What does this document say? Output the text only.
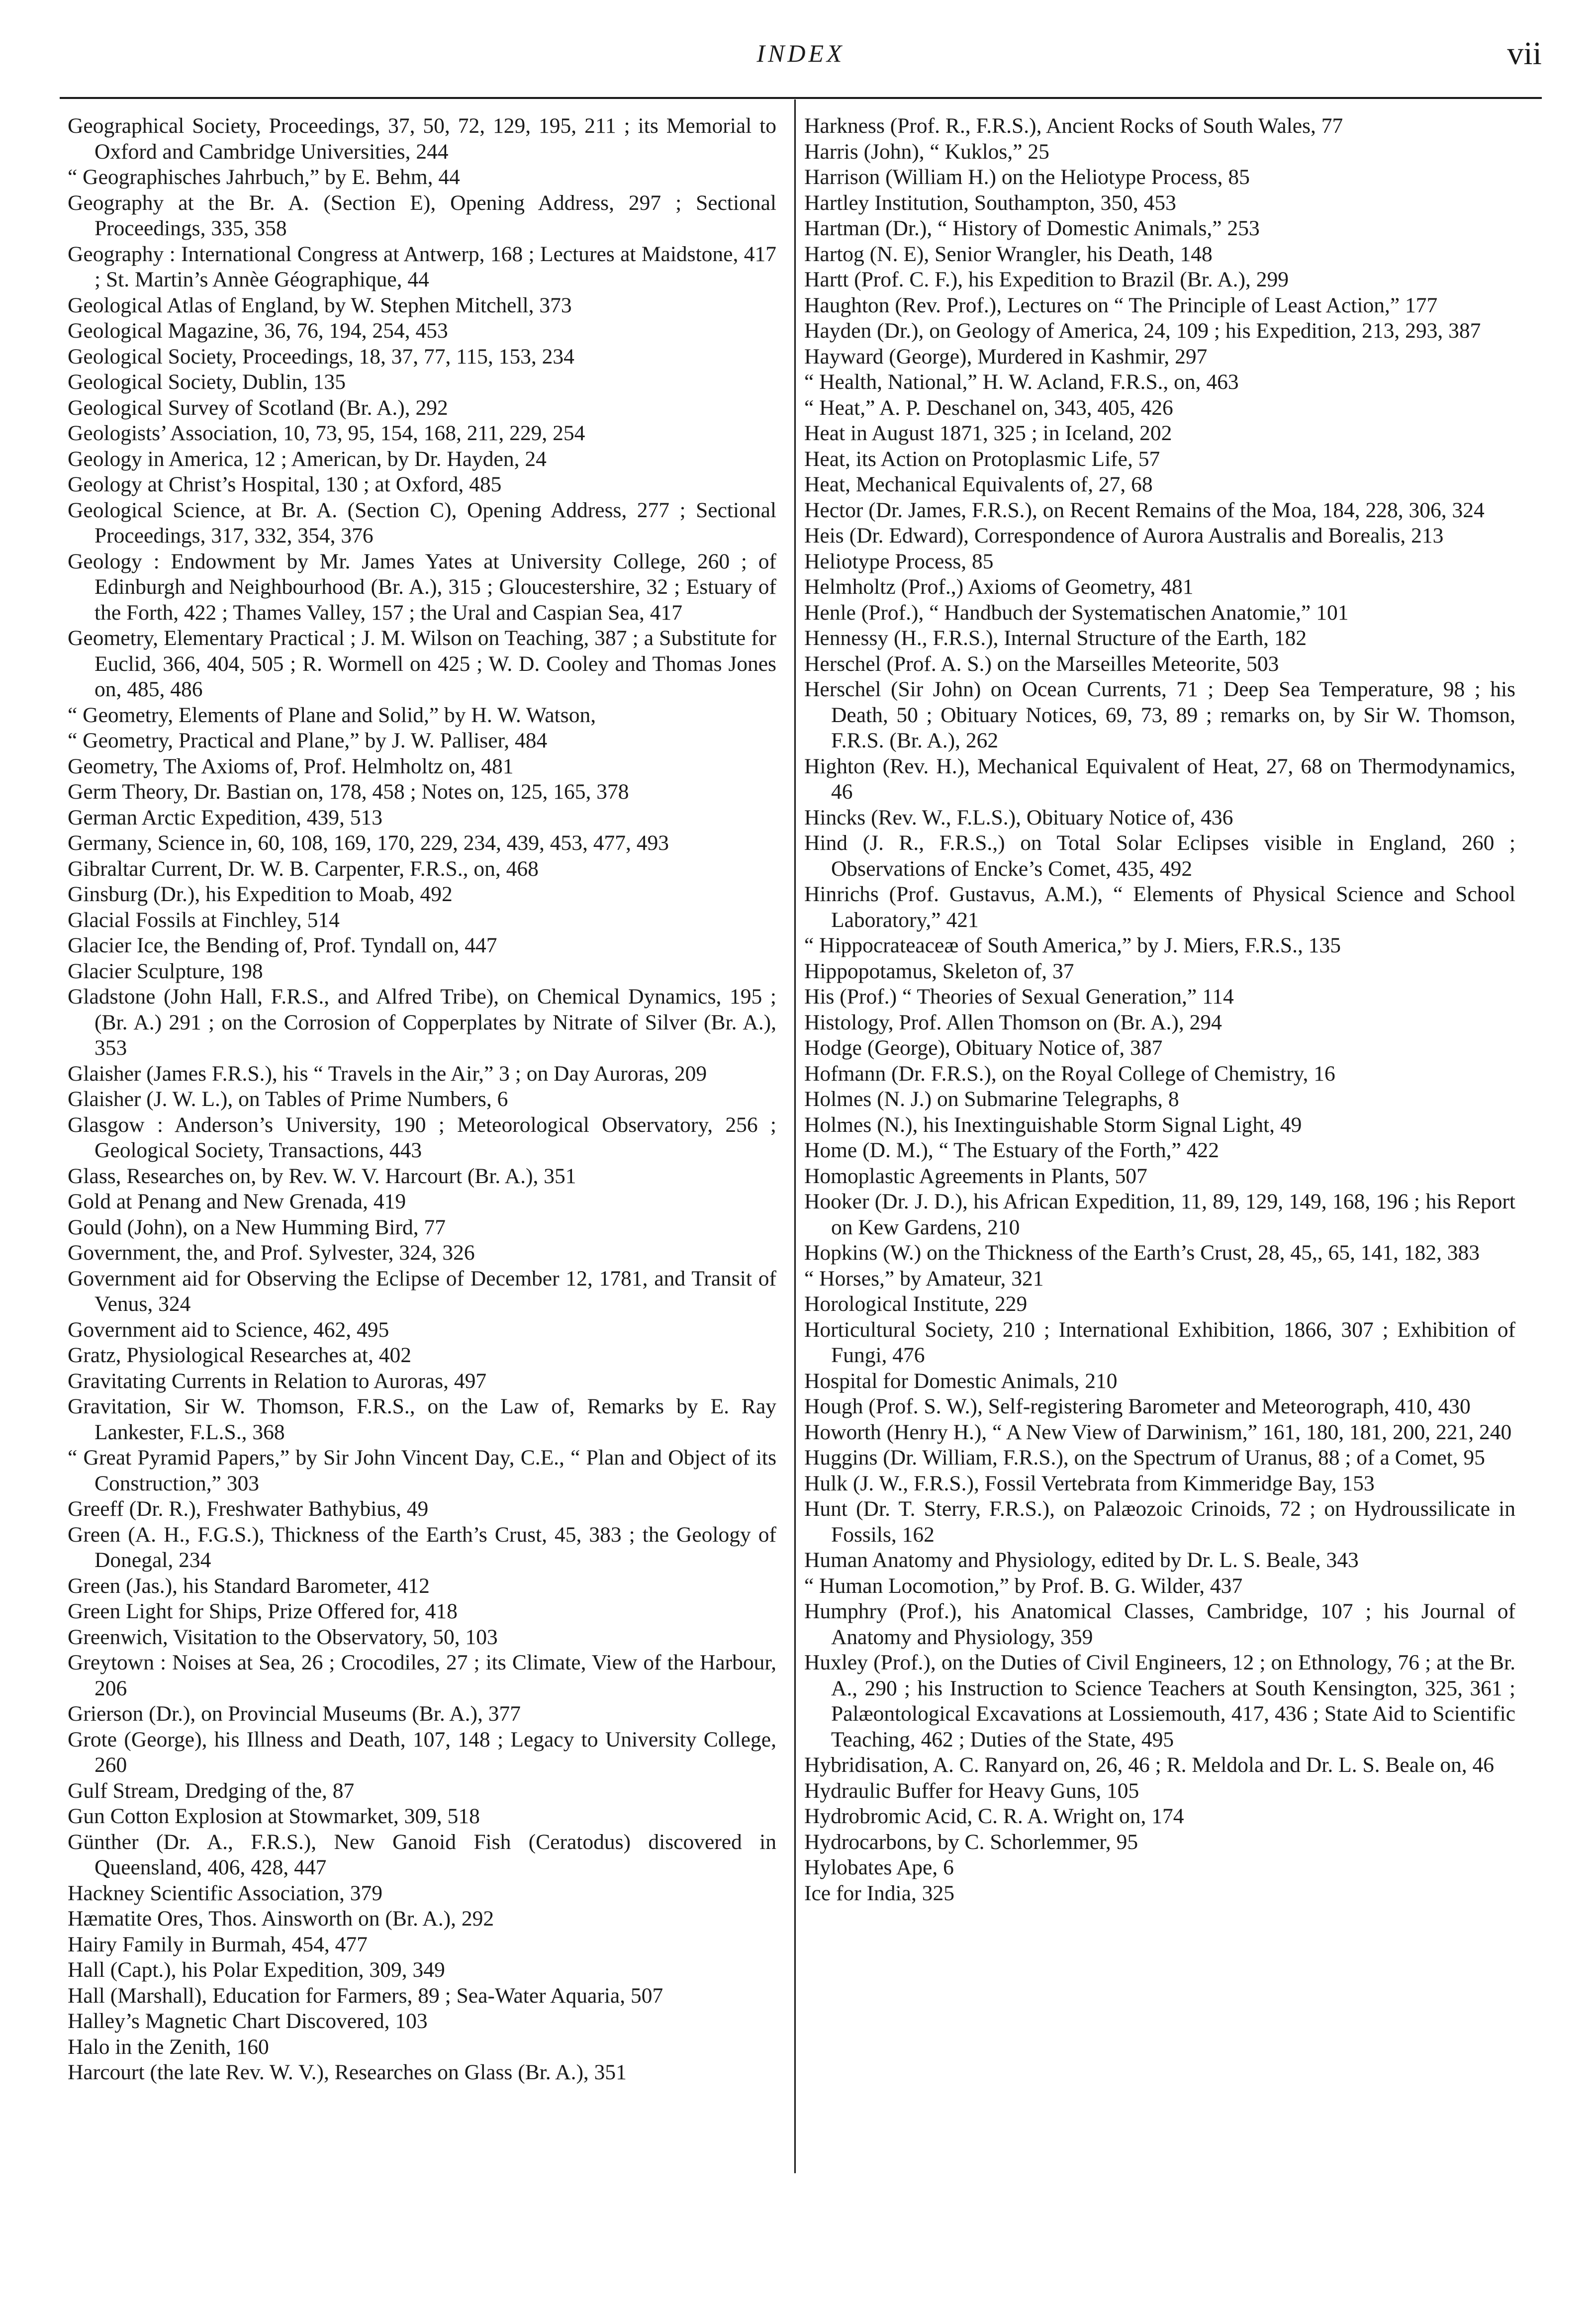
INDEX	vii

Geographical Society, Proceedings, 37, 50, 72, 129, 195, 211 ; its Memorial to Oxford and Cambridge Universities, 244

“ Geographisches Jahrbuch,” by E. Behm, 44

Geography at the Br. A. (Section E), Opening Address, 297 ; Sectional Proceedings, 335, 358

Geography : International Congress at Antwerp, 168 ; Lectures at Maidstone, 417 ; St. Martin’s Annèe Géographique, 44

Geological Atlas of England, by W. Stephen Mitchell, 373

Geological Magazine, 36, 76, 194, 254, 453

Geological Society, Proceedings, 18, 37, 77, 115, 153, 234

Geological Society, Dublin, 135

Geological Survey of Scotland (Br. A.), 292

Geologists’ Association, 10, 73, 95, 154, 168, 211, 229, 254

Geology in America, 12 ; American, by Dr. Hayden, 24

Geology at Christ’s Hospital, 130 ; at Oxford, 485

Geological Science, at Br. A. (Section C), Opening Address, 277 ; Sectional Proceedings, 317, 332, 354, 376

Geology : Endowment by Mr. James Yates at University College, 260 ; of Edinburgh and Neighbourhood (Br. A.), 315 ; Gloucestershire, 32 ; Estuary of the Forth, 422 ; Thames Valley, 157 ; the Ural and Caspian Sea, 417

Geometry, Elementary Practical ; J. M. Wilson on Teaching, 387 ; a Substitute for Euclid, 366, 404, 505 ; R. Wormell on 425 ; W. D. Cooley and Thomas Jones on, 485, 486

“ Geometry, Elements of Plane and Solid,” by H. W. Watson,

“ Geometry, Practical and Plane,” by J. W. Palliser, 484

Geometry, The Axioms of, Prof. Helmholtz on, 481

Germ Theory, Dr. Bastian on, 178, 458 ; Notes on, 125, 165, 378

German Arctic Expedition, 439, 513

Germany, Science in, 60, 108, 169, 170, 229, 234, 439, 453, 477, 493

Gibraltar Current, Dr. W. B. Carpenter, F.R.S., on, 468

Ginsburg (Dr.), his Expedition to Moab, 492

Glacial Fossils at Finchley, 514

Glacier Ice, the Bending of, Prof. Tyndall on, 447

Glacier Sculpture, 198

Gladstone (John Hall, F.R.S., and Alfred Tribe), on Chemical Dynamics, 195 ; (Br. A.) 291 ; on the Corrosion of Copperplates by Nitrate of Silver (Br. A.), 353

Glaisher (James F.R.S.), his “ Travels in the Air,” 3 ; on Day Auroras, 209

Glaisher (J. W. L.), on Tables of Prime Numbers, 6

Glasgow : Anderson’s University, 190 ; Meteorological Observatory, 256 ; Geological Society, Transactions, 443

Glass, Researches on, by Rev. W. V. Harcourt (Br. A.), 351

Gold at Penang and New Grenada, 419

Gould (John), on a New Humming Bird, 77

Government, the, and Prof. Sylvester, 324, 326

Government aid for Observing the Eclipse of December 12, 1781, and Transit of Venus, 324

Government aid to Science, 462, 495

Gratz, Physiological Researches at, 402

Gravitating Currents in Relation to Auroras, 497

Gravitation, Sir W. Thomson, F.R.S., on the Law of, Remarks by E. Ray Lankester, F.L.S., 368

“ Great Pyramid Papers,” by Sir John Vincent Day, C.E., “ Plan and Object of its Construction,” 303

Greeff (Dr. R.), Freshwater Bathybius, 49

Green (A. H., F.G.S.), Thickness of the Earth’s Crust, 45, 383 ; the Geology of Donegal, 234

Green (Jas.), his Standard Barometer, 412

Green Light for Ships, Prize Offered for, 418

Greenwich, Visitation to the Observatory, 50, 103

Greytown : Noises at Sea, 26 ; Crocodiles, 27 ; its Climate, View of the Harbour, 206

Grierson (Dr.), on Provincial Museums (Br. A.), 377

Grote (George), his Illness and Death, 107, 148 ; Legacy to University College, 260

Gulf Stream, Dredging of the, 87

Gun Cotton Explosion at Stowmarket, 309, 518

Günther (Dr. A., F.R.S.), New Ganoid Fish (Ceratodus) discovered in Queensland, 406, 428, 447

Hackney Scientific Association, 379

Hæmatite Ores, Thos. Ainsworth on (Br. A.), 292

Hairy Family in Burmah, 454, 477

Hall (Capt.), his Polar Expedition, 309, 349

Hall (Marshall), Education for Farmers, 89 ; Sea-Water Aquaria, 507

Halley’s Magnetic Chart Discovered, 103

Halo in the Zenith, 160

Harcourt (the late Rev. W. V.), Researches on Glass (Br. A.), 351

Harkness (Prof. R., F.R.S.), Ancient Rocks of South Wales, 77

Harris (John), “ Kuklos,” 25

Harrison (William H.) on the Heliotype Process, 85

Hartley Institution, Southampton, 350, 453

Hartman (Dr.), “ History of Domestic Animals,” 253

Hartog (N. E), Senior Wrangler, his Death, 148

Hartt (Prof. C. F.), his Expedition to Brazil (Br. A.), 299

Haughton (Rev. Prof.), Lectures on “ The Principle of Least Action,” 177

Hayden (Dr.), on Geology of America, 24, 109 ; his Expedition, 213, 293, 387

Hayward (George), Murdered in Kashmir, 297

“ Health, National,” H. W. Acland, F.R.S., on, 463

“ Heat,” A. P. Deschanel on, 343, 405, 426

Heat in August 1871, 325 ; in Iceland, 202

Heat, its Action on Protoplasmic Life, 57

Heat, Mechanical Equivalents of, 27, 68

Hector (Dr. James, F.R.S.), on Recent Remains of the Moa, 184, 228, 306, 324

Heis (Dr. Edward), Correspondence of Aurora Australis and Borealis, 213

Heliotype Process, 85

Helmholtz (Prof.,) Axioms of Geometry, 481

Henle (Prof.), “ Handbuch der Systematischen Anatomie,” 101

Hennessy (H., F.R.S.), Internal Structure of the Earth, 182

Herschel (Prof. A. S.) on the Marseilles Meteorite, 503

Herschel (Sir John) on Ocean Currents, 71 ; Deep Sea Temperature, 98 ; his Death, 50 ; Obituary Notices, 69, 73, 89 ; remarks on, by Sir W. Thomson, F.R.S. (Br. A.), 262

Highton (Rev. H.), Mechanical Equivalent of Heat, 27, 68 on Thermodynamics, 46

Hincks (Rev. W., F.L.S.), Obituary Notice of, 436

Hind (J. R., F.R.S.,) on Total Solar Eclipses visible in England, 260 ; Observations of Encke’s Comet, 435, 492

Hinrichs (Prof. Gustavus, A.M.), “ Elements of Physical Science and School Laboratory,” 421

“ Hippocrateaceæ of South America,” by J. Miers, F.R.S., 135

Hippopotamus, Skeleton of, 37

His (Prof.) “ Theories of Sexual Generation,” 114

Histology, Prof. Allen Thomson on (Br. A.), 294

Hodge (George), Obituary Notice of, 387

Hofmann (Dr. F.R.S.), on the Royal College of Chemistry, 16

Holmes (N. J.) on Submarine Telegraphs, 8

Holmes (N.), his Inextinguishable Storm Signal Light, 49

Home (D. M.), “ The Estuary of the Forth,” 422

Homoplastic Agreements in Plants, 507

Hooker (Dr. J. D.), his African Expedition, 11, 89, 129, 149, 168, 196 ; his Report on Kew Gardens, 210

Hopkins (W.) on the Thickness of the Earth’s Crust, 28, 45,, 65, 141, 182, 383

“ Horses,” by Amateur, 321

Horological Institute, 229

Horticultural Society, 210 ; International Exhibition, 1866, 307 ; Exhibition of Fungi, 476

Hospital for Domestic Animals, 210

Hough (Prof. S. W.), Self-registering Barometer and Meteorograph, 410, 430

Howorth (Henry H.), “ A New View of Darwinism,” 161, 180, 181, 200, 221, 240

Huggins (Dr. William, F.R.S.), on the Spectrum of Uranus, 88 ; of a Comet, 95

Hulk (J. W., F.R.S.), Fossil Vertebrata from Kimmeridge Bay, 153

Hunt (Dr. T. Sterry, F.R.S.), on Palæozoic Crinoids, 72 ; on Hydroussilicate in Fossils, 162

Human Anatomy and Physiology, edited by Dr. L. S. Beale, 343

“ Human Locomotion,” by Prof. B. G. Wilder, 437

Humphry (Prof.), his Anatomical Classes, Cambridge, 107 ; his Journal of Anatomy and Physiology, 359

Huxley (Prof.), on the Duties of Civil Engineers, 12 ; on Ethnology, 76 ; at the Br. A., 290 ; his Instruction to Science Teachers at South Kensington, 325, 361 ; Palæontological Excavations at Lossiemouth, 417, 436 ; State Aid to Scientific Teaching, 462 ; Duties of the State, 495

Hybridisation, A. C. Ranyard on, 26, 46 ; R. Meldola and Dr. L. S. Beale on, 46

Hydraulic Buffer for Heavy Guns, 105

Hydrobromic Acid, C. R. A. Wright on, 174

Hydrocarbons, by C. Schorlemmer, 95

Hylobates Ape, 6

Ice for India, 325
